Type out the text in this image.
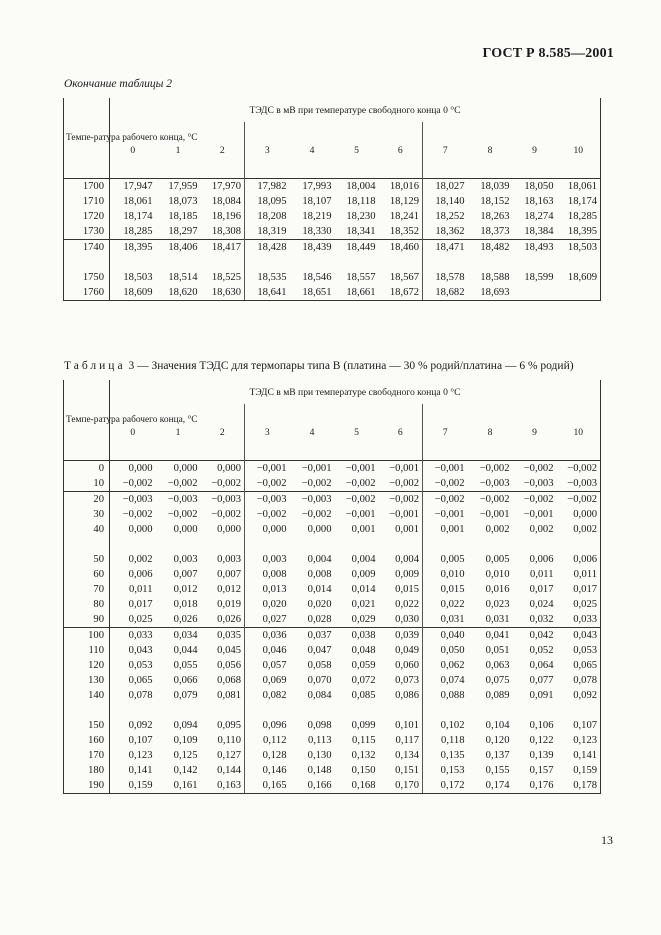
ГОСТ Р 8.585—2001
Окончание таблицы 2
Темпе-ратура рабочего конца, °С	ТЭДС в мВ при температуре свободного конца 0 °С										
	0	1	2	3	4	5	6	7	8	9	10
1700	17,947	17,959	17,970	17,982	17,993	18,004	18,016	18,027	18,039	18,050	18,061
1710	18,061	18,073	18,084	18,095	18,107	18,118	18,129	18,140	18,152	18,163	18,174
1720	18,174	18,185	18,196	18,208	18,219	18,230	18,241	18,252	18,263	18,274	18,285
1730	18,285	18,297	18,308	18,319	18,330	18,341	18,352	18,362	18,373	18,384	18,395
1740	18,395	18,406	18,417	18,428	18,439	18,449	18,460	18,471	18,482	18,493	18,503

1750	18,503	18,514	18,525	18,535	18,546	18,557	18,567	18,578	18,588	18,599	18,609
1760	18,609	18,620	18,630	18,641	18,651	18,661	18,672	18,682	18,693		
Таблица 3 — Значения ТЭДС для термопары типа В (платина — 30 % родий/платина — 6 % родий)
Темпе-ратура рабочего конца, °С	ТЭДС в мВ при температуре свободного конца 0 °С										
	0	1	2	3	4	5	6	7	8	9	10
0	0,000	0,000	0,000	−0,001	−0,001	−0,001	−0,001	−0,001	−0,002	−0,002	−0,002
10	−0,002	−0,002	−0,002	−0,002	−0,002	−0,002	−0,002	−0,002	−0,003	−0,003	−0,003
20	−0,003	−0,003	−0,003	−0,003	−0,003	−0,002	−0,002	−0,002	−0,002	−0,002	−0,002
30	−0,002	−0,002	−0,002	−0,002	−0,002	−0,001	−0,001	−0,001	−0,001	−0,001	0,000
40	0,000	0,000	0,000	0,000	0,000	0,001	0,001	0,001	0,002	0,002	0,002

50	0,002	0,003	0,003	0,003	0,004	0,004	0,004	0,005	0,005	0,006	0,006
60	0,006	0,007	0,007	0,008	0,008	0,009	0,009	0,010	0,010	0,011	0,011
70	0,011	0,012	0,012	0,013	0,014	0,014	0,015	0,015	0,016	0,017	0,017
80	0,017	0,018	0,019	0,020	0,020	0,021	0,022	0,022	0,023	0,024	0,025
90	0,025	0,026	0,026	0,027	0,028	0,029	0,030	0,031	0,031	0,032	0,033
100	0,033	0,034	0,035	0,036	0,037	0,038	0,039	0,040	0,041	0,042	0,043
110	0,043	0,044	0,045	0,046	0,047	0,048	0,049	0,050	0,051	0,052	0,053
120	0,053	0,055	0,056	0,057	0,058	0,059	0,060	0,062	0,063	0,064	0,065
130	0,065	0,066	0,068	0,069	0,070	0,072	0,073	0,074	0,075	0,077	0,078
140	0,078	0,079	0,081	0,082	0,084	0,085	0,086	0,088	0,089	0,091	0,092

150	0,092	0,094	0,095	0,096	0,098	0,099	0,101	0,102	0,104	0,106	0,107
160	0,107	0,109	0,110	0,112	0,113	0,115	0,117	0,118	0,120	0,122	0,123
170	0,123	0,125	0,127	0,128	0,130	0,132	0,134	0,135	0,137	0,139	0,141
180	0,141	0,142	0,144	0,146	0,148	0,150	0,151	0,153	0,155	0,157	0,159
190	0,159	0,161	0,163	0,165	0,166	0,168	0,170	0,172	0,174	0,176	0,178
13
